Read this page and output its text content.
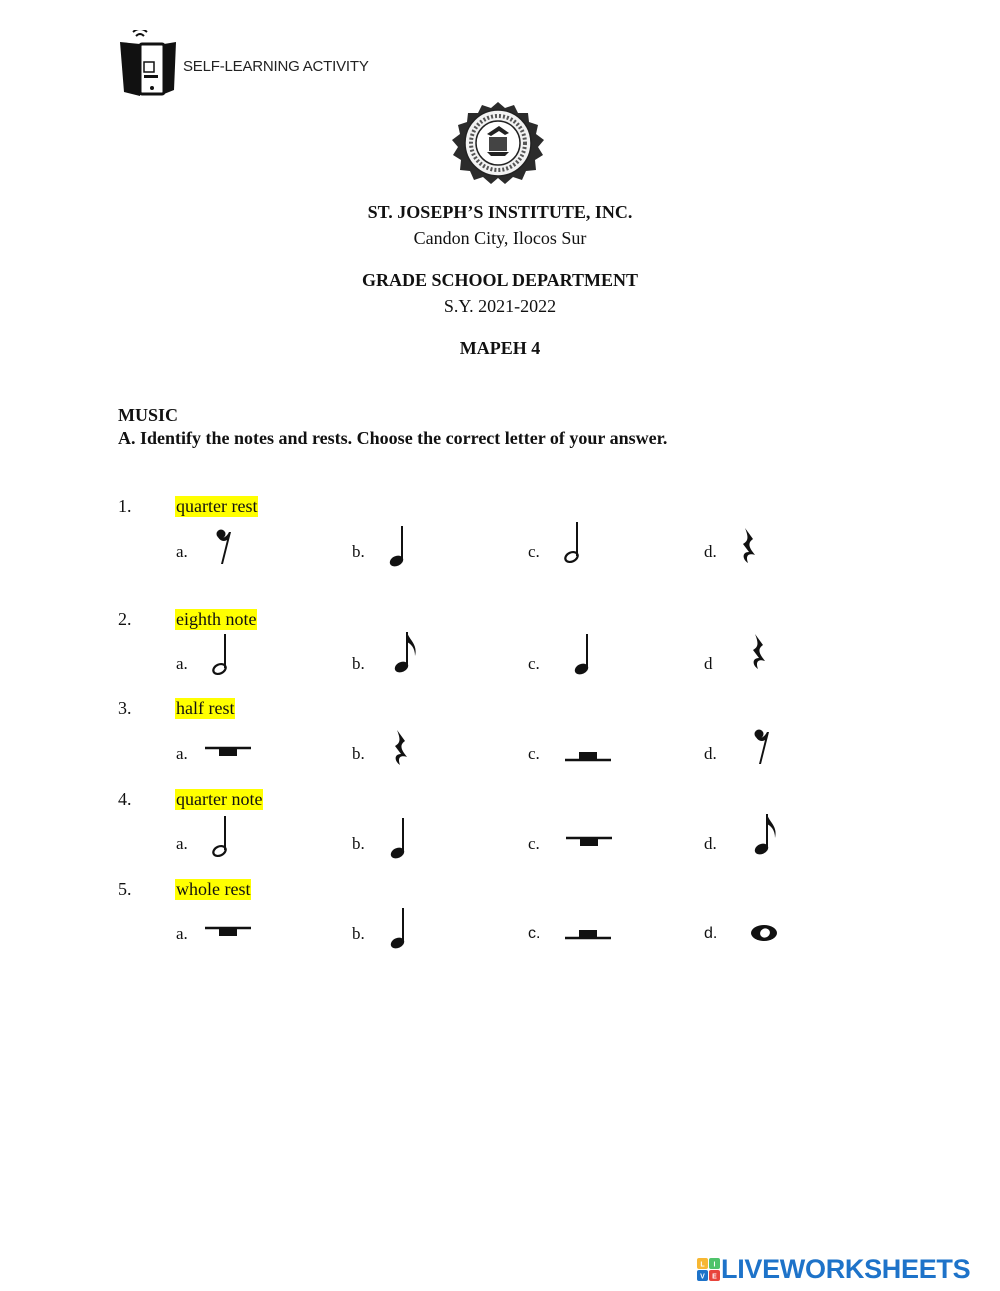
SELF-LEARNING ACTIVITY
ST. JOSEPH’S INSTITUTE, INC.
Candon City, Ilocos Sur
GRADE SCHOOL DEPARTMENT
S.Y. 2021-2022
MAPEH 4
MUSIC
A. Identify the notes and rests. Choose the correct letter of your answer.
1. quarter rest
a.	b.	c.	d.
2. eighth note
a.	b.	c.	d
3. half rest
a.	b.	c.	d.
4. quarter note
a.	b.	c.	d.
5. whole rest
a.	b.	c.	d.
L I
V E LIVEWORKSHEETS
